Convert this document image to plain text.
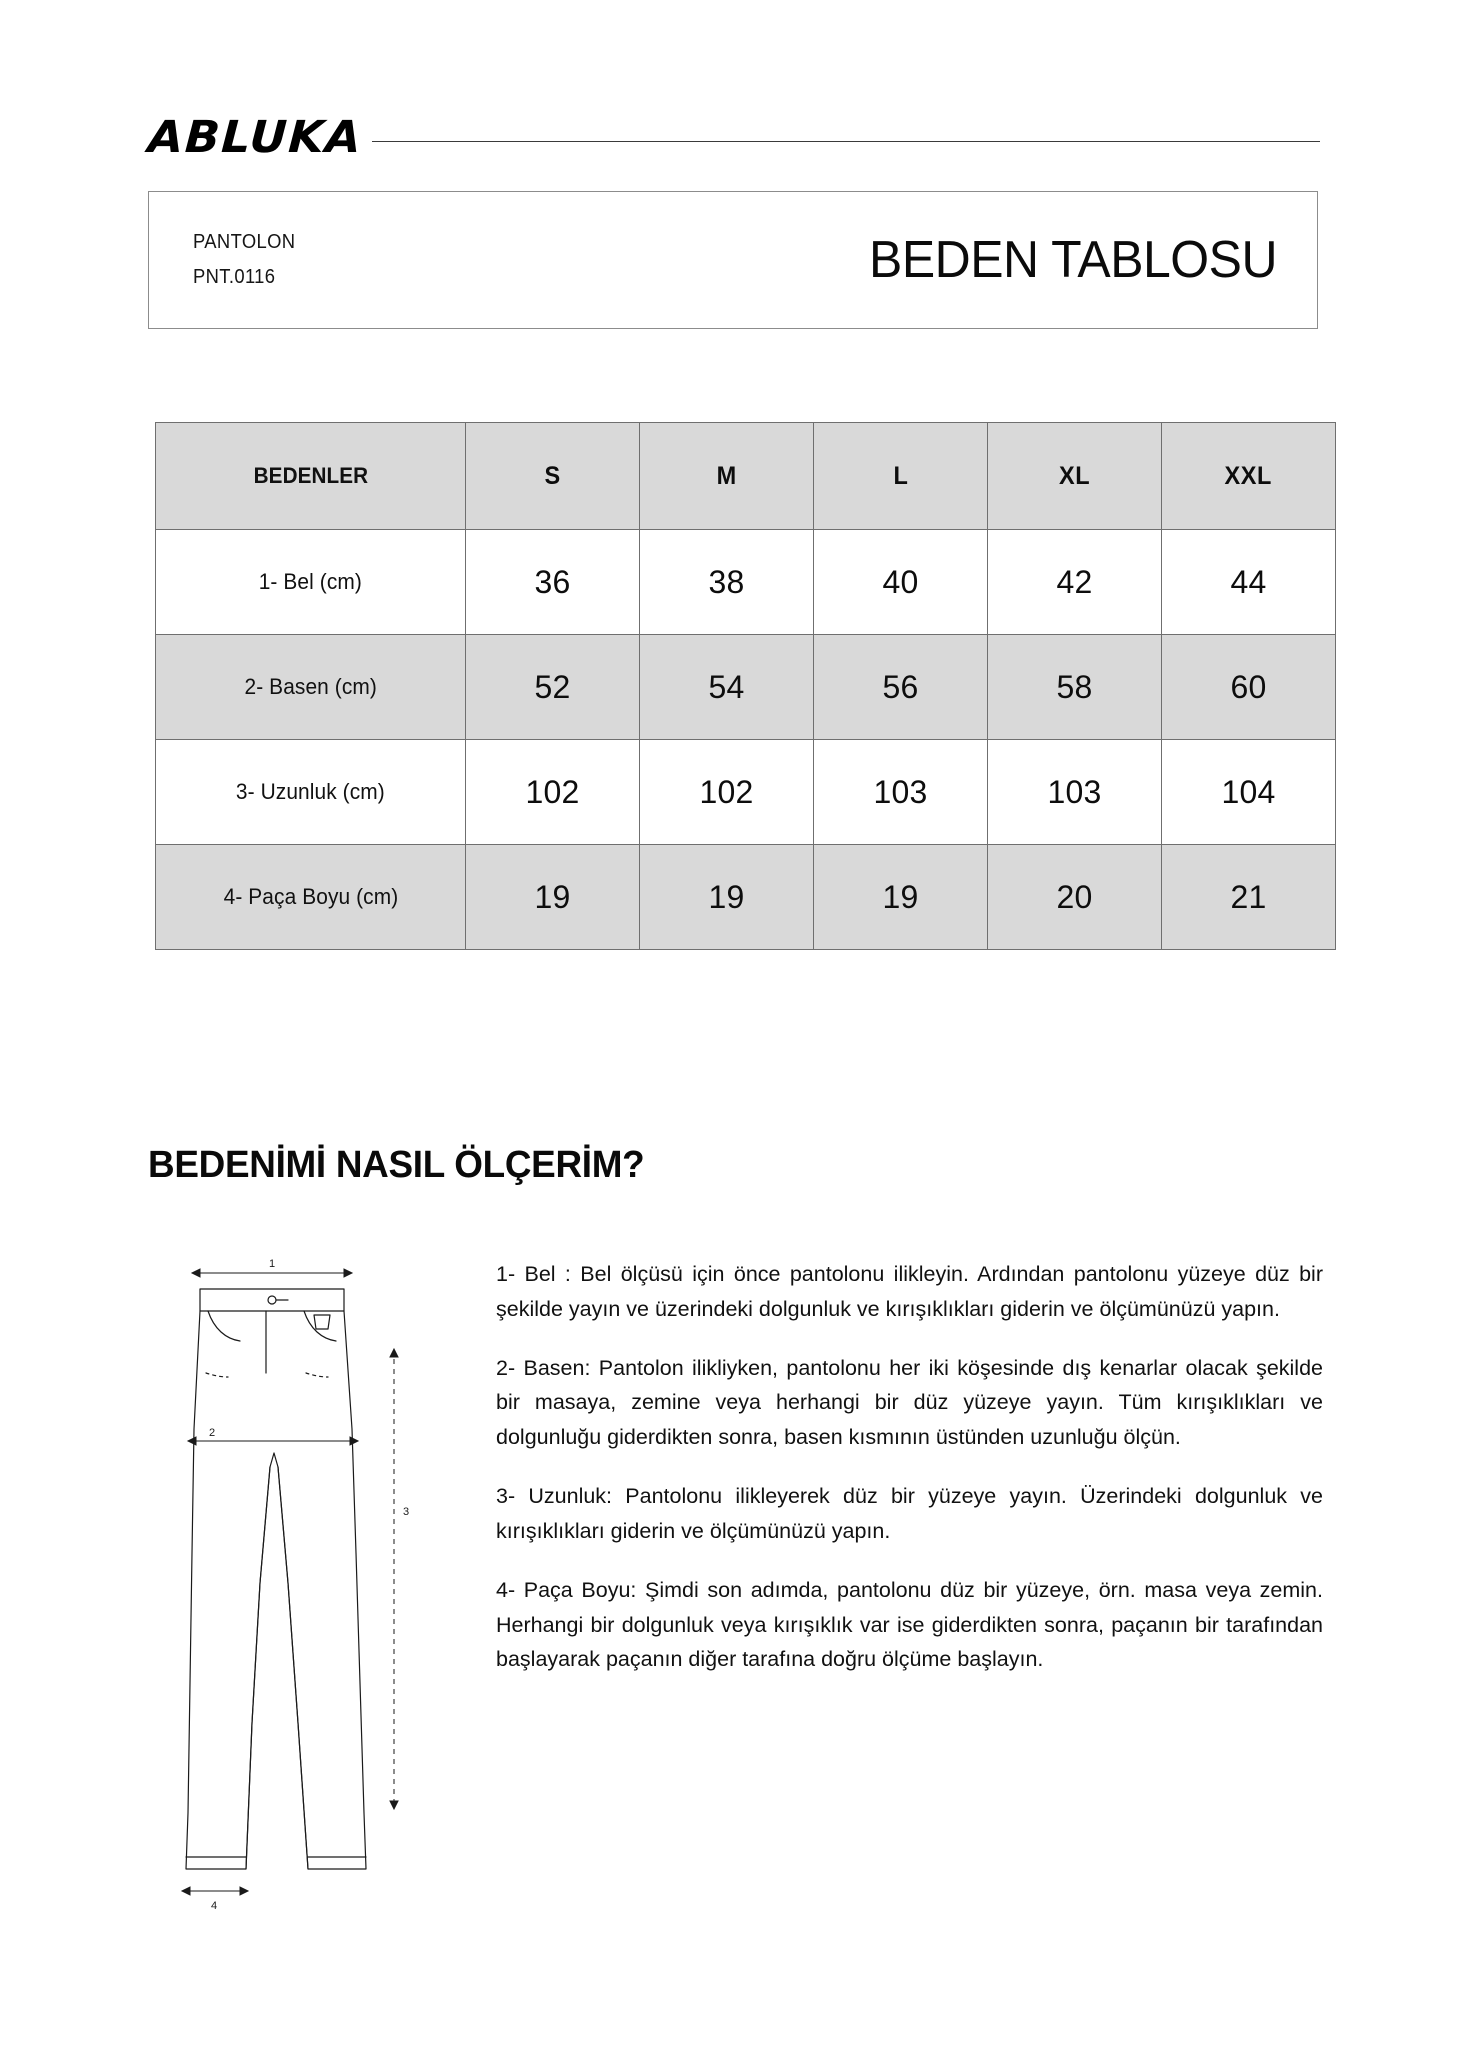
ABLUKA
PANTOLON
PNT.0116	BEDEN TABLOSU
BEDENLER	S	M	L	XL	XXL
1- Bel (cm)	36	38	40	42	44
2- Basen (cm)	52	54	56	58	60
3- Uzunluk (cm)	102	102	103	103	104
4- Paça Boyu (cm)	19	19	19	20	21
BEDENİMİ NASIL ÖLÇERİM?
1
2
3
4

1- Bel : Bel ölçüsü için önce pantolonu ilikleyin. Ardından pantolonu yüzeye düz bir şekilde yayın ve üzerindeki dolgunluk ve kırışıklıkları giderin ve ölçümünüzü yapın.

2- Basen: Pantolon ilikliyken, pantolonu her iki köşesinde dış kenarlar olacak şekilde bir masaya, zemine veya herhangi bir düz yüzeye yayın. Tüm kırışıklıkları ve dolgunluğu giderdikten sonra, basen kısmının üstünden uzunluğu ölçün.

3- Uzunluk: Pantolonu ilikleyerek düz bir yüzeye yayın. Üzerindeki dolgunluk ve kırışıklıkları giderin ve ölçümünüzü yapın.

4- Paça Boyu: Şimdi son adımda, pantolonu düz bir yüzeye, örn. masa veya zemin. Herhangi bir dolgunluk veya kırışıklık var ise giderdikten sonra, paçanın bir tarafından başlayarak paçanın diğer tarafına doğru ölçüme başlayın.
